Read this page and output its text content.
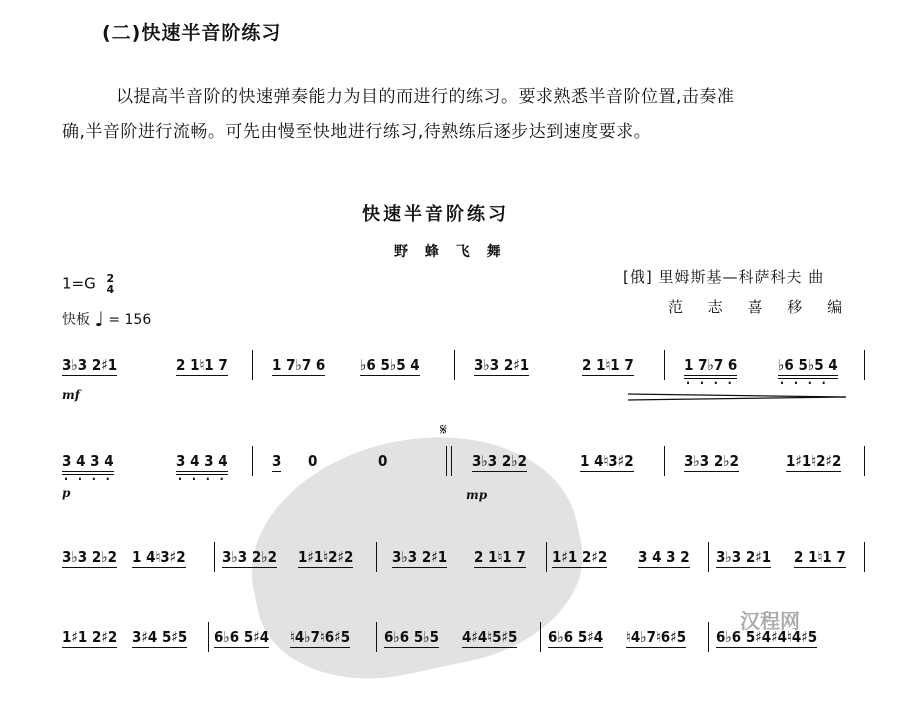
(二)快速半音阶练习
以提高半音阶的快速弹奏能力为目的而进行的练习。要求熟悉半音阶位置,击奏准
确,半音阶进行流畅。可先由慢至快地进行练习,待熟练后逐步达到速度要求。
快速半音阶练习
野 蜂 飞 舞
1=G 2
4
快板 ♩ = 156
[俄] 里姆斯基—科萨科夫 曲
范 志 喜 移 编
3♭3 2♯1	2 1♮1 7	1 7♭7 6 ♭6 5♭5 4	3♭3 2♯1	2 1♮1 7	1 7♭7 6 · · · ·	♭6 5♭5 4 · · · ·
mf
𝄋
3 4 3 4 · · · ·	3 4 3 4 · · · ·	3 0	0	3♭3 2♭2	1 4♮3♯2	3♭3 2♭2	1♯1♮2♯2
p	mp
3♭3 2♭2 1 4♮3♯2 3♭3 2♭2 1♯1♮2♯2	3♭3 2♯1 2 1♮1 7 1♯1 2♯2 3 4 3 2 3♭3 2♯1 2 1♮1 7
1♯1 2♯2 3♯4 5♯5 6♭6 5♯4 ♮4♭7♮6♯5 6♭6 5♭5 4♯4♮5♯5 6♭6 5♯4 ♮4♭7♮6♯5 6♭6 5♯4♯4♮4♯5
汉程网
